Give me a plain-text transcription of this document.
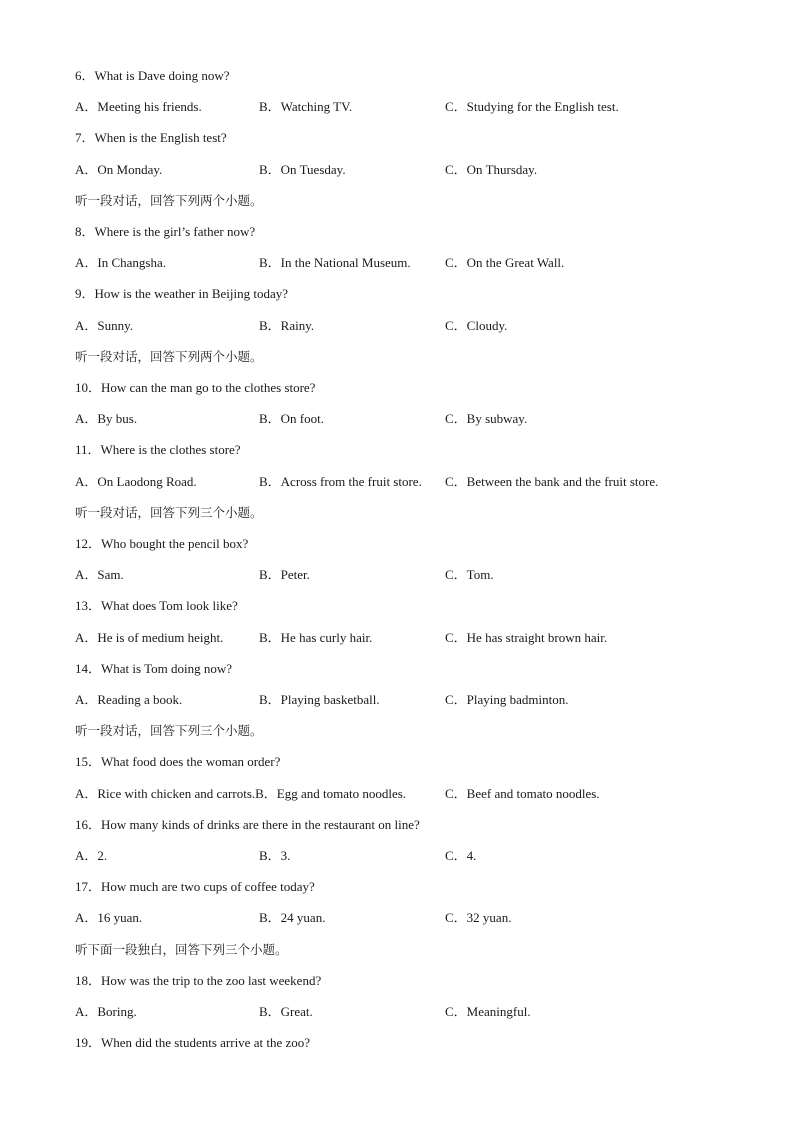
6．What is Dave doing now?
A．Meeting his friends.	B．Watching TV.	C．Studying for the English test.
7．When is the English test?
A．On Monday.	B．On Tuesday.	C．On Thursday.
听一段对话，回答下列两个小题。
8．Where is the girl’s father now?
A．In Changsha.	B．In the National Museum.	C．On the Great Wall.
9．How is the weather in Beijing today?
A．Sunny.	B．Rainy.	C．Cloudy.
听一段对话，回答下列两个小题。
10．How can the man go to the clothes store?
A．By bus.	B．On foot.	C．By subway.
11．Where is the clothes store?
A．On Laodong Road.	B．Across from the fruit store. C．Between the bank and the fruit store.
听一段对话，回答下列三个小题。
12．Who bought the pencil box?
A．Sam.	B．Peter.	C．Tom.
13．What does Tom look like?
A．He is of medium height.	B．He has curly hair.	C．He has straight brown hair.
14．What is Tom doing now?
A．Reading a book.	B．Playing basketball.	C．Playing badminton.
听一段对话，回答下列三个小题。
15．What food does the woman order?
A．Rice with chicken and carrots.B．Egg and tomato noodles.	C．Beef and tomato noodles.
16．How many kinds of drinks are there in the restaurant on line?
A．2.	B．3.	C．4.
17．How much are two cups of coffee today?
A．16 yuan.	B．24 yuan.	C．32 yuan.
听下面一段独白，回答下列三个小题。
18．How was the trip to the zoo last weekend?
A．Boring.	B．Great.	C．Meaningful.
19．When did the students arrive at the zoo?
